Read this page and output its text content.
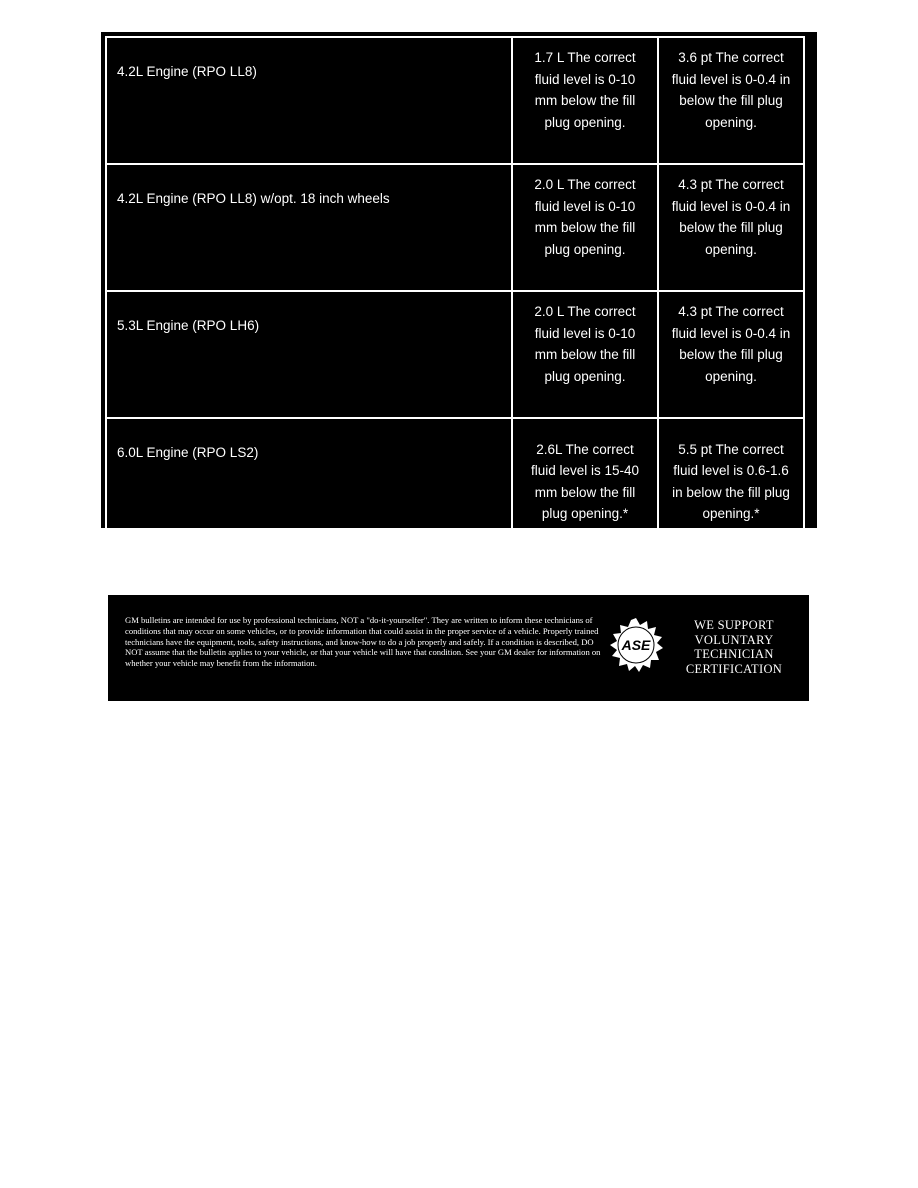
4.2L Engine (RPO LL8)	1.7 L The correct fluid level is 0-10 mm below the fill plug opening.	3.6 pt The correct fluid level is 0-0.4 in below the fill plug opening.
4.2L Engine (RPO LL8) w/opt. 18 inch wheels	2.0 L The correct fluid level is 0-10 mm below the fill plug opening.	4.3 pt The correct fluid level is 0-0.4 in below the fill plug opening.
5.3L Engine (RPO LH6)	2.0 L The correct fluid level is 0-10 mm below the fill plug opening.	4.3 pt The correct fluid level is 0-0.4 in below the fill plug opening.
6.0L Engine (RPO LS2)	2.6L The correct fluid level is 15-40 mm below the fill plug opening.*	5.5 pt The correct fluid level is 0.6-1.6 in below the fill plug opening.*
* With a complete drain/refill, add 163 ml (5.5 oz) of Limited Slip Axle Lubricant to the axle in addition to the axle lubricant.		
GM bulletins are intended for use by professional technicians, NOT a "do-it-yourselfer". They are written to inform these technicians of conditions that may occur on some vehicles, or to provide information that could assist in the proper service of a vehicle. Properly trained technicians have the equipment, tools, safety instructions, and know-how to do a job properly and safely. If a condition is described, DO NOT assume that the bulletin applies to your vehicle, or that your vehicle will have that condition. See your GM dealer for information on whether your vehicle may benefit from the information.
ASE
WE SUPPORT
VOLUNTARY
TECHNICIAN
CERTIFICATION
